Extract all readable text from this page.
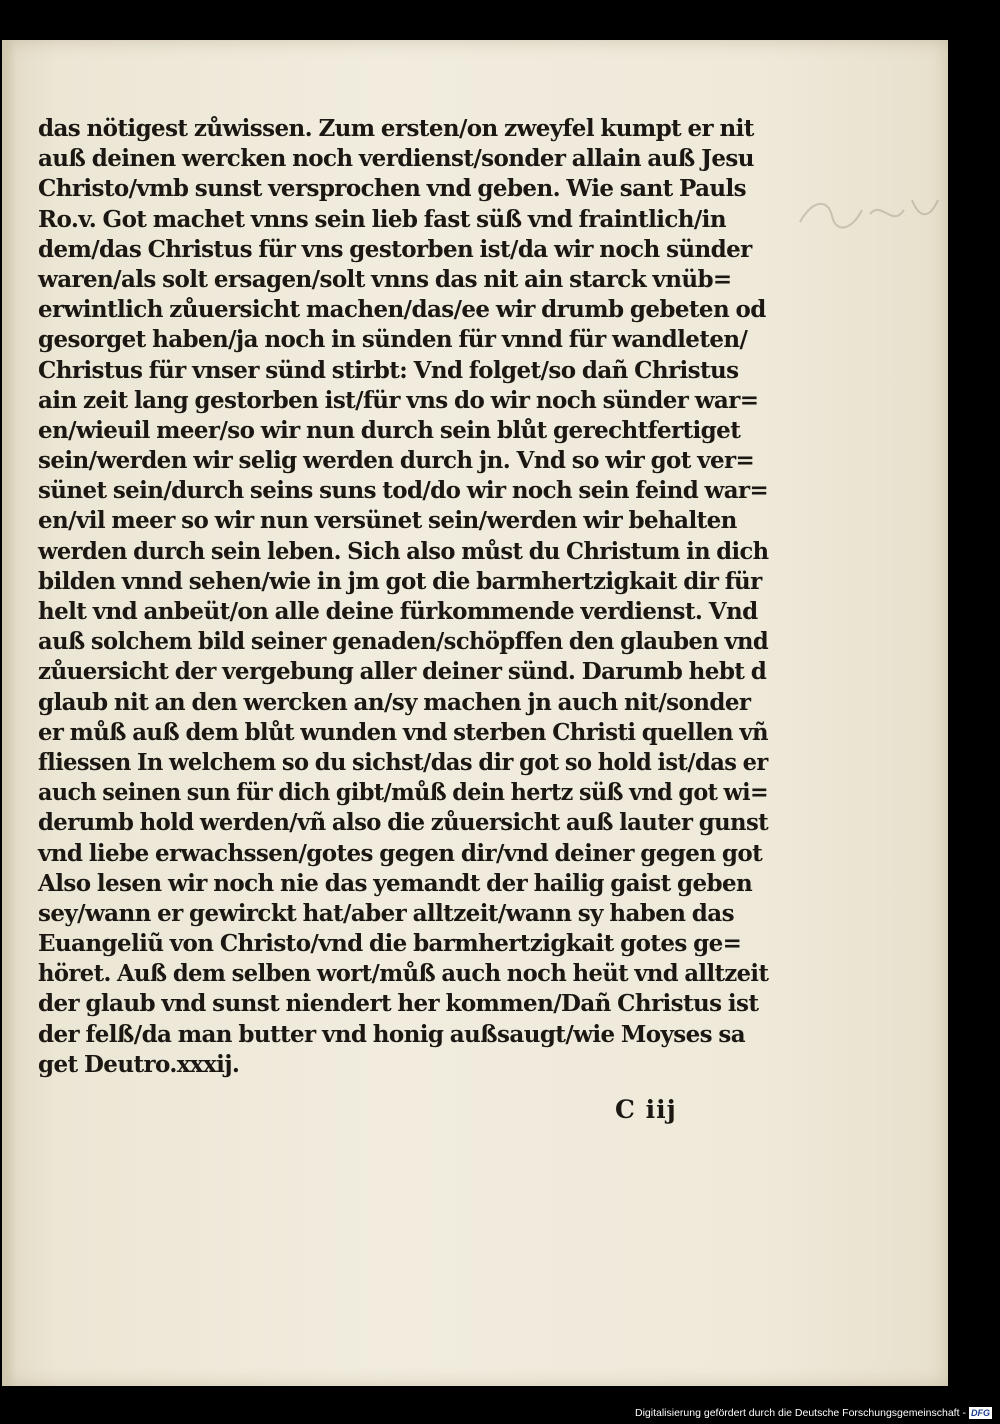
das nötigest zůwissen. Zum ersten/on zweyfel kumpt er nit
auß deinen wercken noch verdienst/sonder allain auß Jesu
Christo/vmb sunst versprochen vnd geben. Wie sant Pauls
Ro.v. Got machet vnns sein lieb fast süß vnd fraintlich/in
dem/das Christus für vns gestorben ist/da wir noch sünder
waren/als solt ersagen/solt vnns das nit ain starck vnüb=
erwintlich zůuersicht machen/das/ee wir drumb gebeten od
gesorget haben/ja noch in sünden für vnnd für wandleten/
Christus für vnser sünd stirbt: Vnd folget/so dañ Christus
ain zeit lang gestorben ist/für vns do wir noch sünder war=
en/wieuil meer/so wir nun durch sein blůt gerechtfertiget
sein/werden wir selig werden durch jn. Vnd so wir got ver=
sünet sein/durch seins suns tod/do wir noch sein feind war=
en/vil meer so wir nun versünet sein/werden wir behalten
werden durch sein leben. Sich also můst du Christum in dich
bilden vnnd sehen/wie in jm got die barmhertzigkait dir für
helt vnd anbeüt/on alle deine fürkommende verdienst. Vnd
auß solchem bild seiner genaden/schöpffen den glauben vnd
zůuersicht der vergebung aller deiner sünd. Darumb hebt d
glaub nit an den wercken an/sy machen jn auch nit/sonder
er můß auß dem blůt wunden vnd sterben Christi quellen vñ
fliessen In welchem so du sichst/das dir got so hold ist/das er
auch seinen sun für dich gibt/můß dein hertz süß vnd got wi=
derumb hold werden/vñ also die zůuersicht auß lauter gunst
vnd liebe erwachssen/gotes gegen dir/vnd deiner gegen got
Also lesen wir noch nie das yemandt der hailig gaist geben
sey/wann er gewirckt hat/aber alltzeit/wann sy haben das
Euangeliũ von Christo/vnd die barmhertzigkait gotes ge=
höret. Auß dem selben wort/můß auch noch heüt vnd alltzeit
der glaub vnd sunst niendert her kommen/Dañ Christus ist
der felß/da man butter vnd honig außsaugt/wie Moyses sa
get Deutro.xxxij.
C iij
Digitalisierung gefördert durch die Deutsche Forschungsgemeinschaft - DFG
